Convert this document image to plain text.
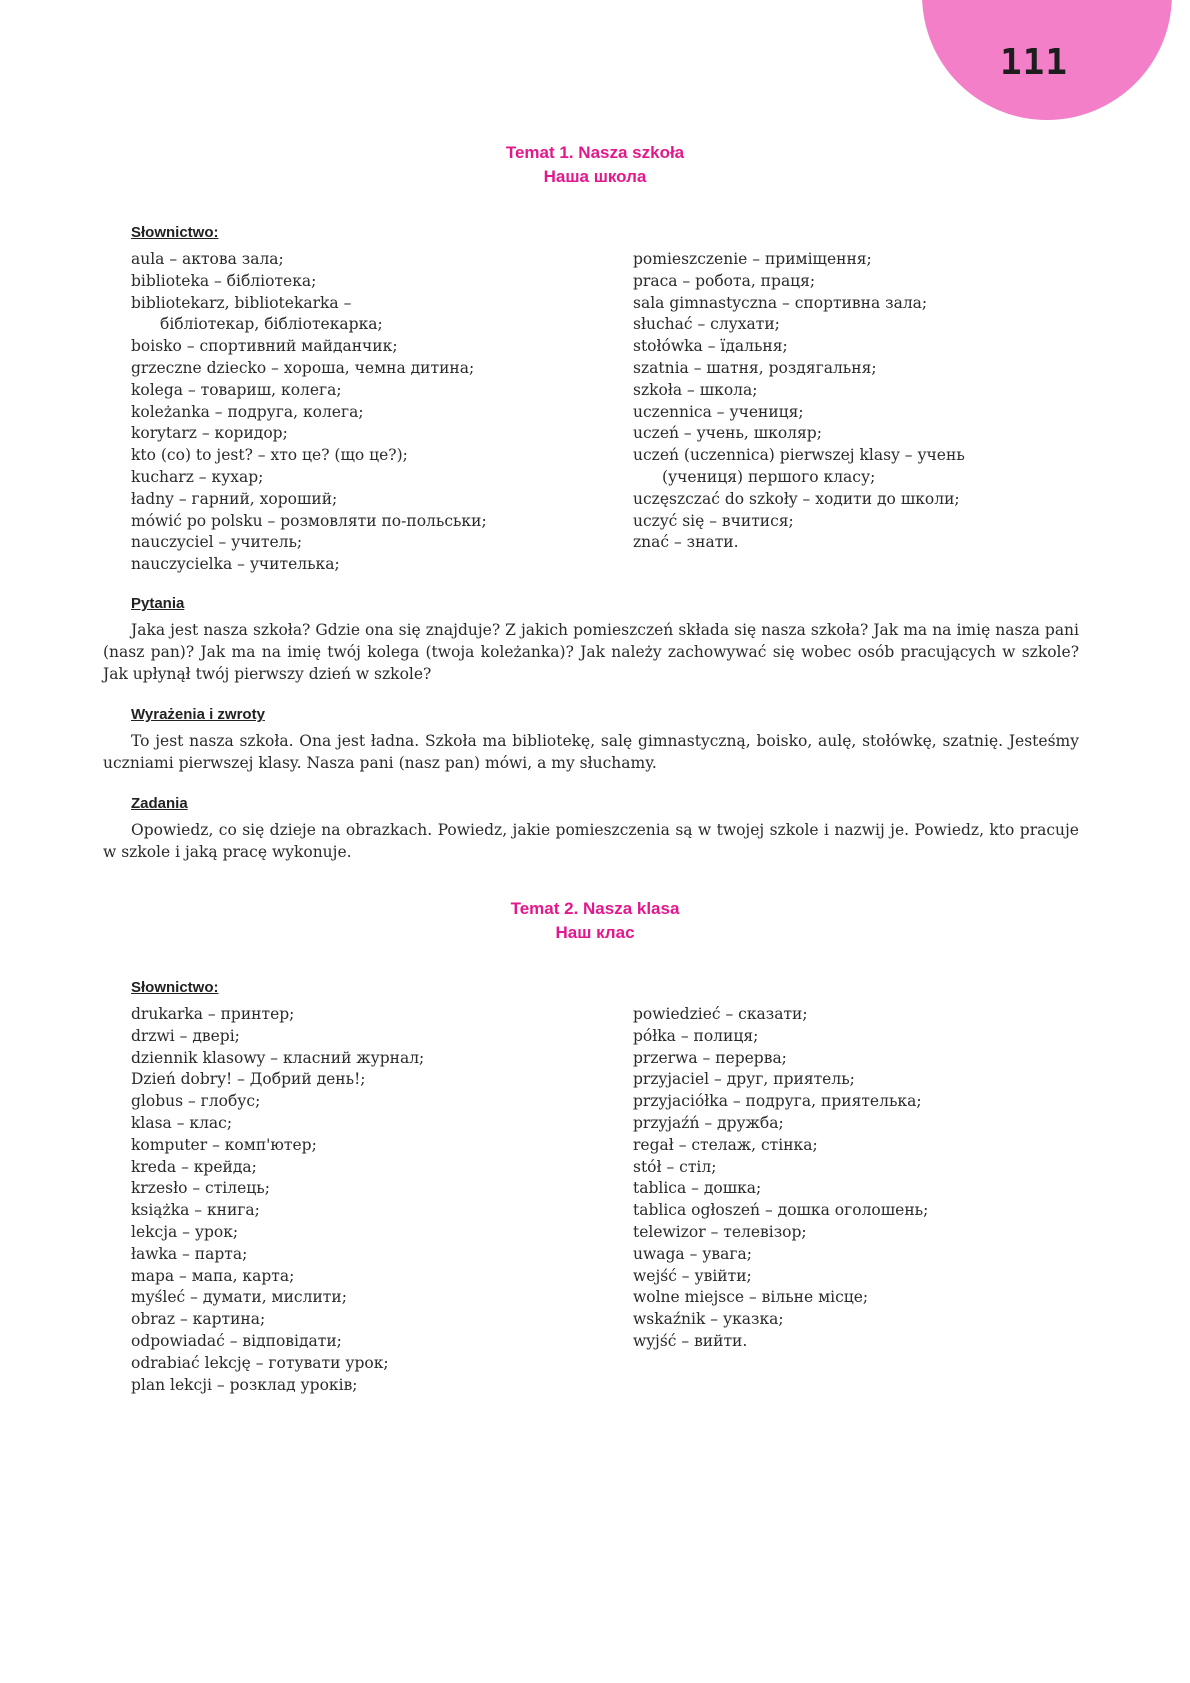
111
Temat 1. Nasza szkoła
Наша школа
Słownictwo:
aula – актова зала;
biblioteka – бібліотека;
bibliotekarz, bibliotekarka –
бібліотекар, бібліотекарка;
boisko – спортивний майданчик;
grzeczne dziecko – хороша, чемна дитина;
kolega – товариш, колега;
koleżanka – подруга, колега;
korytarz – коридор;
kto (co) to jest? – хто це? (що це?);
kucharz – кухар;
ładny – гарний, хороший;
mówić po polsku – розмовляти по-польськи;
nauczyciel – учитель;
nauczycielka – учителька;
pomieszczenie – приміщення;
praca – робота, праця;
sala gimnastyczna – спортивна зала;
słuchać – слухати;
stołówka – їдальня;
szatnia – шатня, роздягальня;
szkoła – школа;
uczennica – учениця;
uczeń – учень, школяр;
uczeń (uczennica) pierwszej klasy – учень
(учениця) першого класу;
uczęszczać do szkoły – ходити до школи;
uczyć się – вчитися;
znać – знати.
Pytania
Jaka jest nasza szkoła? Gdzie ona się znajduje? Z jakich pomieszczeń składa się nasza szkoła? Jak ma na imię nasza pani (nasz pan)? Jak ma na imię twój kolega (twoja koleżanka)? Jak należy zachowywać się wobec osób pracujących w szkole? Jak upłynął twój pierwszy dzień w szkole?
Wyrażenia i zwroty
To jest nasza szkoła. Ona jest ładna. Szkoła ma bibliotekę, salę gimnastyczną, boisko, aulę, stołówkę, szatnię. Jesteśmy uczniami pierwszej klasy. Nasza pani (nasz pan) mówi, a my słuchamy.
Zadania
Opowiedz, co się dzieje na obrazkach. Powiedz, jakie pomieszczenia są w twojej szkole i nazwij je. Powiedz, kto pracuje w szkole i jaką pracę wykonuje.
Temat 2. Nasza klasa
Наш клас
Słownictwo:
drukarka – принтер;
drzwi – двері;
dziennik klasowy – класний журнал;
Dzień dobry! – Добрий день!;
globus – глобус;
klasa – клас;
komputer – комп'ютер;
kreda – крейда;
krzesło – стілець;
książka – книга;
lekcja – урок;
ławka – парта;
mapa – мапа, карта;
myśleć – думати, мислити;
obraz – картина;
odpowiadać – відповідати;
odrabiać lekcję – готувати урок;
plan lekcji – розклад уроків;
powiedzieć – сказати;
półka – полиця;
przerwa – перерва;
przyjaciel – друг, приятель;
przyjaciółka – подруга, приятелька;
przyjaźń – дружба;
regał – стелаж, стінка;
stół – стіл;
tablica – дошка;
tablica ogłoszeń – дошка оголошень;
telewizor – телевізор;
uwaga – увага;
wejść – увійти;
wolne miejsce – вільне місце;
wskaźnik – указка;
wyjść – вийти.
